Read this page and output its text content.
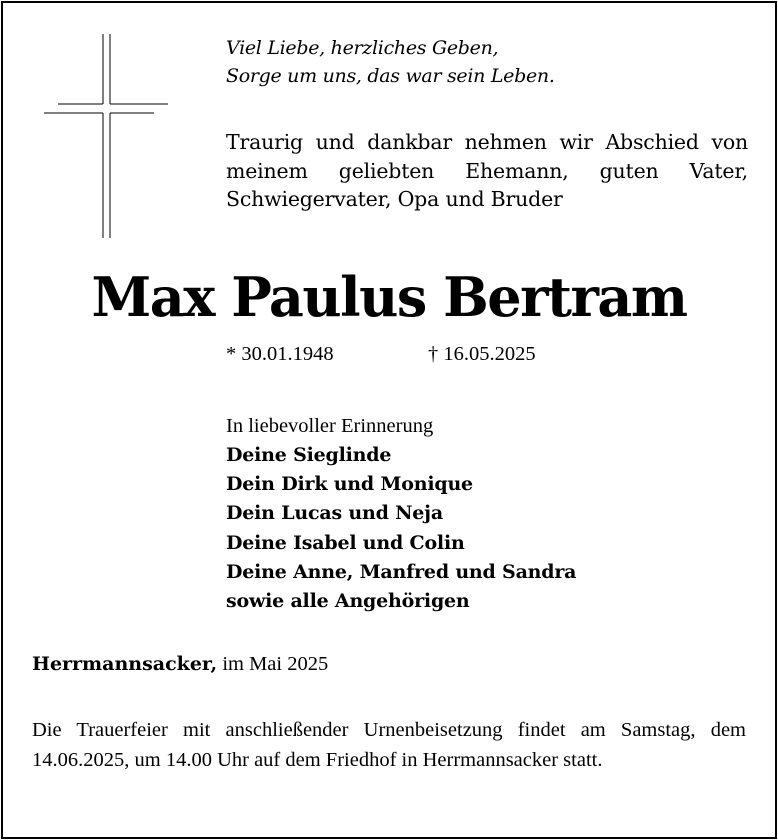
Viel Liebe, herzliches Geben,
Sorge um uns, das war sein Leben.

Traurig und dankbar nehmen wir Abschied von meinem geliebten Ehemann, guten Vater, Schwiegervater, Opa und Bruder

Max Paulus Bertram
* 30.01.1948	† 16.05.2025
In liebevoller Erinnerung
Deine Sieglinde
Dein Dirk und Monique
Dein Lucas und Neja
Deine Isabel und Colin
Deine Anne, Manfred und Sandra
sowie alle Angehörigen
Herrmannsacker, im Mai 2025

Die Trauerfeier mit anschließender Urnenbeisetzung findet am Samstag, dem 14.06.2025, um 14.00 Uhr auf dem Friedhof in Herrmannsacker statt.
